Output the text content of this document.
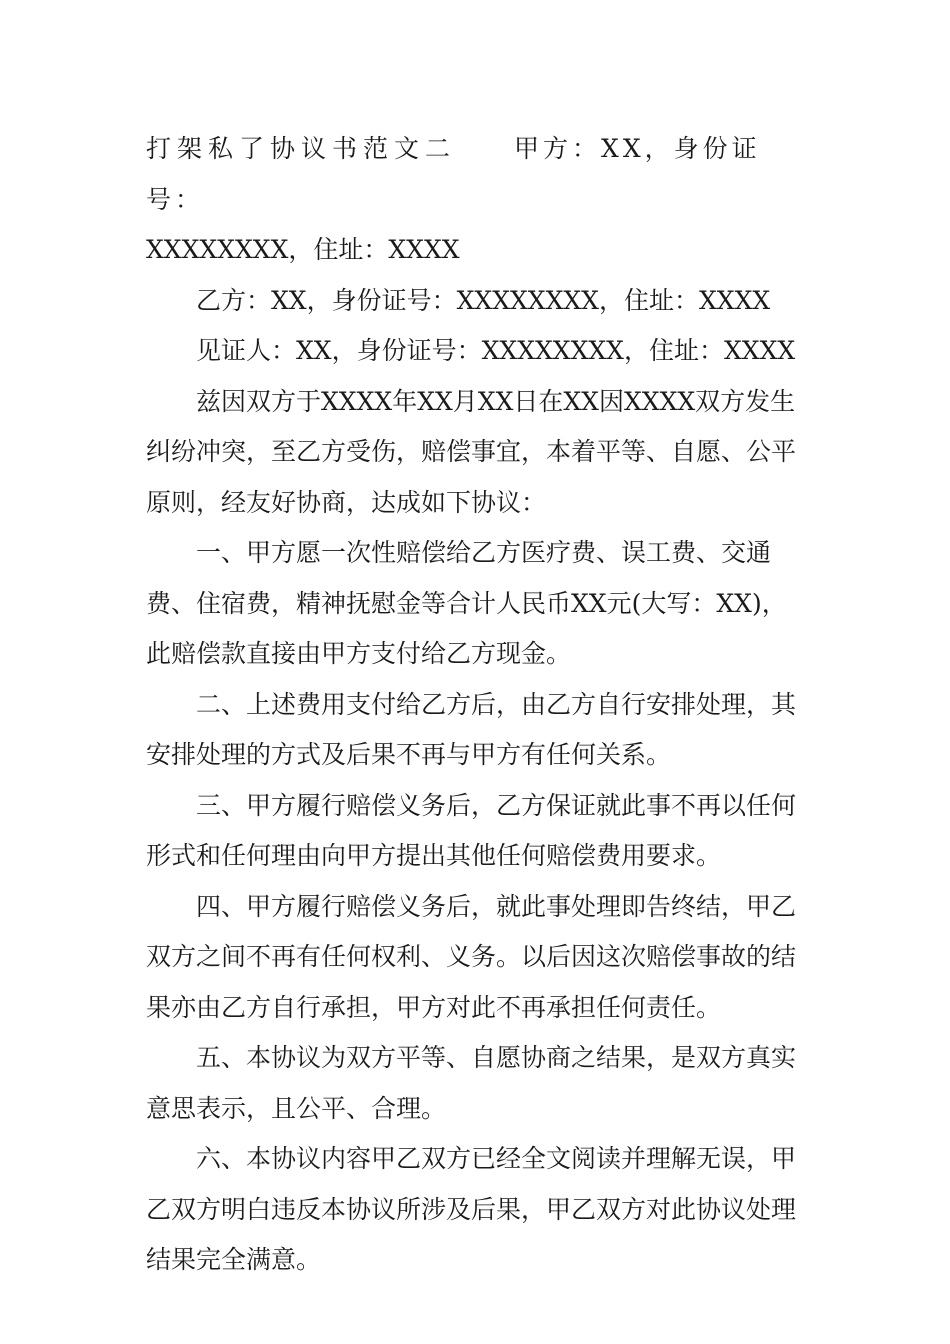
打架私了协议书范文二 甲方：XX，身份证号：
XXXXXXXX，住址：XXXX

乙方：XX，身份证号：XXXXXXXX，住址：XXXX

见证人：XX，身份证号：XXXXXXXX，住址：XXXX

兹因双方于XXXX年XX月XX日在XX因XXXX双方发生纠纷冲突，至乙方受伤，赔偿事宜，本着平等、自愿、公平原则，经友好协商，达成如下协议：

一、甲方愿一次性赔偿给乙方医疗费、误工费、交通费、住宿费，精神抚慰金等合计人民币XX元(大写：XX)，此赔偿款直接由甲方支付给乙方现金。

二、上述费用支付给乙方后，由乙方自行安排处理，其安排处理的方式及后果不再与甲方有任何关系。

三、甲方履行赔偿义务后，乙方保证就此事不再以任何形式和任何理由向甲方提出其他任何赔偿费用要求。

四、甲方履行赔偿义务后，就此事处理即告终结，甲乙双方之间不再有任何权利、义务。以后因这次赔偿事故的结果亦由乙方自行承担，甲方对此不再承担任何责任。

五、本协议为双方平等、自愿协商之结果，是双方真实意思表示，且公平、合理。

六、本协议内容甲乙双方已经全文阅读并理解无误，甲乙双方明白违反本协议所涉及后果，甲乙双方对此协议处理结果完全满意。
